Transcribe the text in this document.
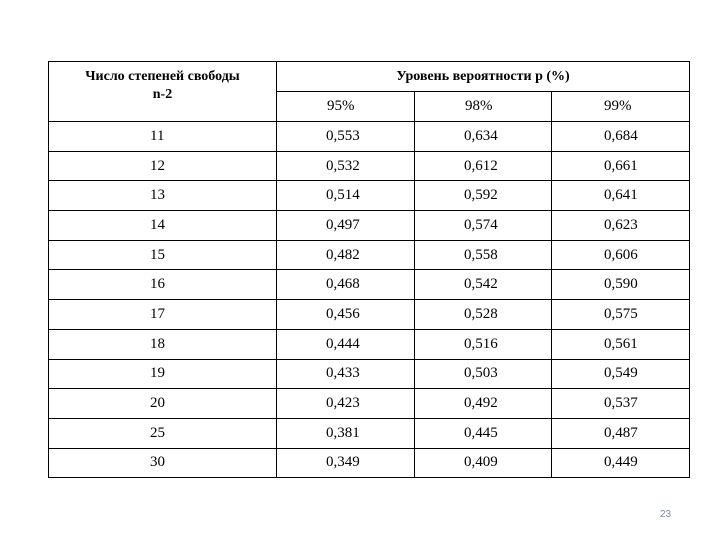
Число степеней свободы
n-2	Уровень вероятности р (%)		
	95%	98%	99%
11	0,553	0,634	0,684
12	0,532	0,612	0,661
13	0,514	0,592	0,641
14	0,497	0,574	0,623
15	0,482	0,558	0,606
16	0,468	0,542	0,590
17	0,456	0,528	0,575
18	0,444	0,516	0,561
19	0,433	0,503	0,549
20	0,423	0,492	0,537
25	0,381	0,445	0,487
30	0,349	0,409	0,449
23
